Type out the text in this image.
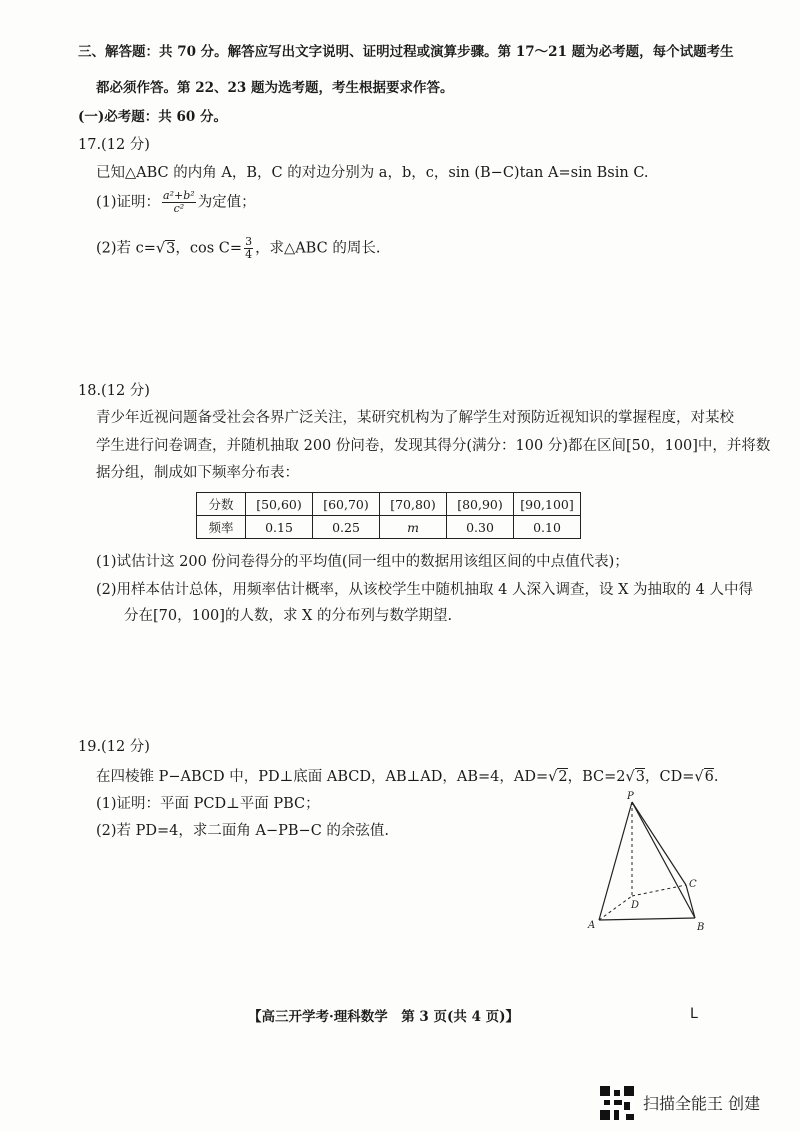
三、解答题：共 70 分。解答应写出文字说明、证明过程或演算步骤。第 17～21 题为必考题，每个试题考生
都必须作答。第 22、23 题为选考题，考生根据要求作答。
(一)必考题：共 60 分。
17.(12 分)
已知△ABC 的内角 A，B，C 的对边分别为 a，b，c，sin (B−C)tan A=sin Bsin C.
(1)证明： $\frac{\text{a²+b²}}{\text{c²}}$ 为定值；
(2)若 c=√3，$\cos C= \frac{3}{4}$ ，求△ABC 的周长.
18.(12 分)
青少年近视问题备受社会各界广泛关注，某研究机构为了解学生对预防近视知识的掌握程度，对某校
学生进行问卷调查，并随机抽取 200 份问卷，发现其得分(满分：100 分)都在区间[50，100]中，并将数
据分组，制成如下频率分布表：
分数	[50,60)	[60,70)	[70,80)	[80,90)	[90,100]
频率	0.15	0.25	m	0.30	0.10
(1)试估计这 200 份问卷得分的平均值(同一组中的数据用该组区间的中点值代表)；
(2)用样本估计总体，用频率估计概率，从该校学生中随机抽取 4 人深入调查，设 X 为抽取的 4 人中得
分在[70，100]的人数，求 X 的分布列与数学期望.
19.(12 分)
在四棱锥 P−ABCD 中，PD⊥底面 ABCD，AB⊥AD，AB=4，AD=√2，BC=2√3，CD=√6.
(1)证明：平面 PCD⊥平面 PBC；
(2)若 PD=4，求二面角 A−PB−C 的余弦值.
P
A	B
C
D
【高三开学考·理科数学　第 3 页(共 4 页)】	L
扫描全能王 创建
